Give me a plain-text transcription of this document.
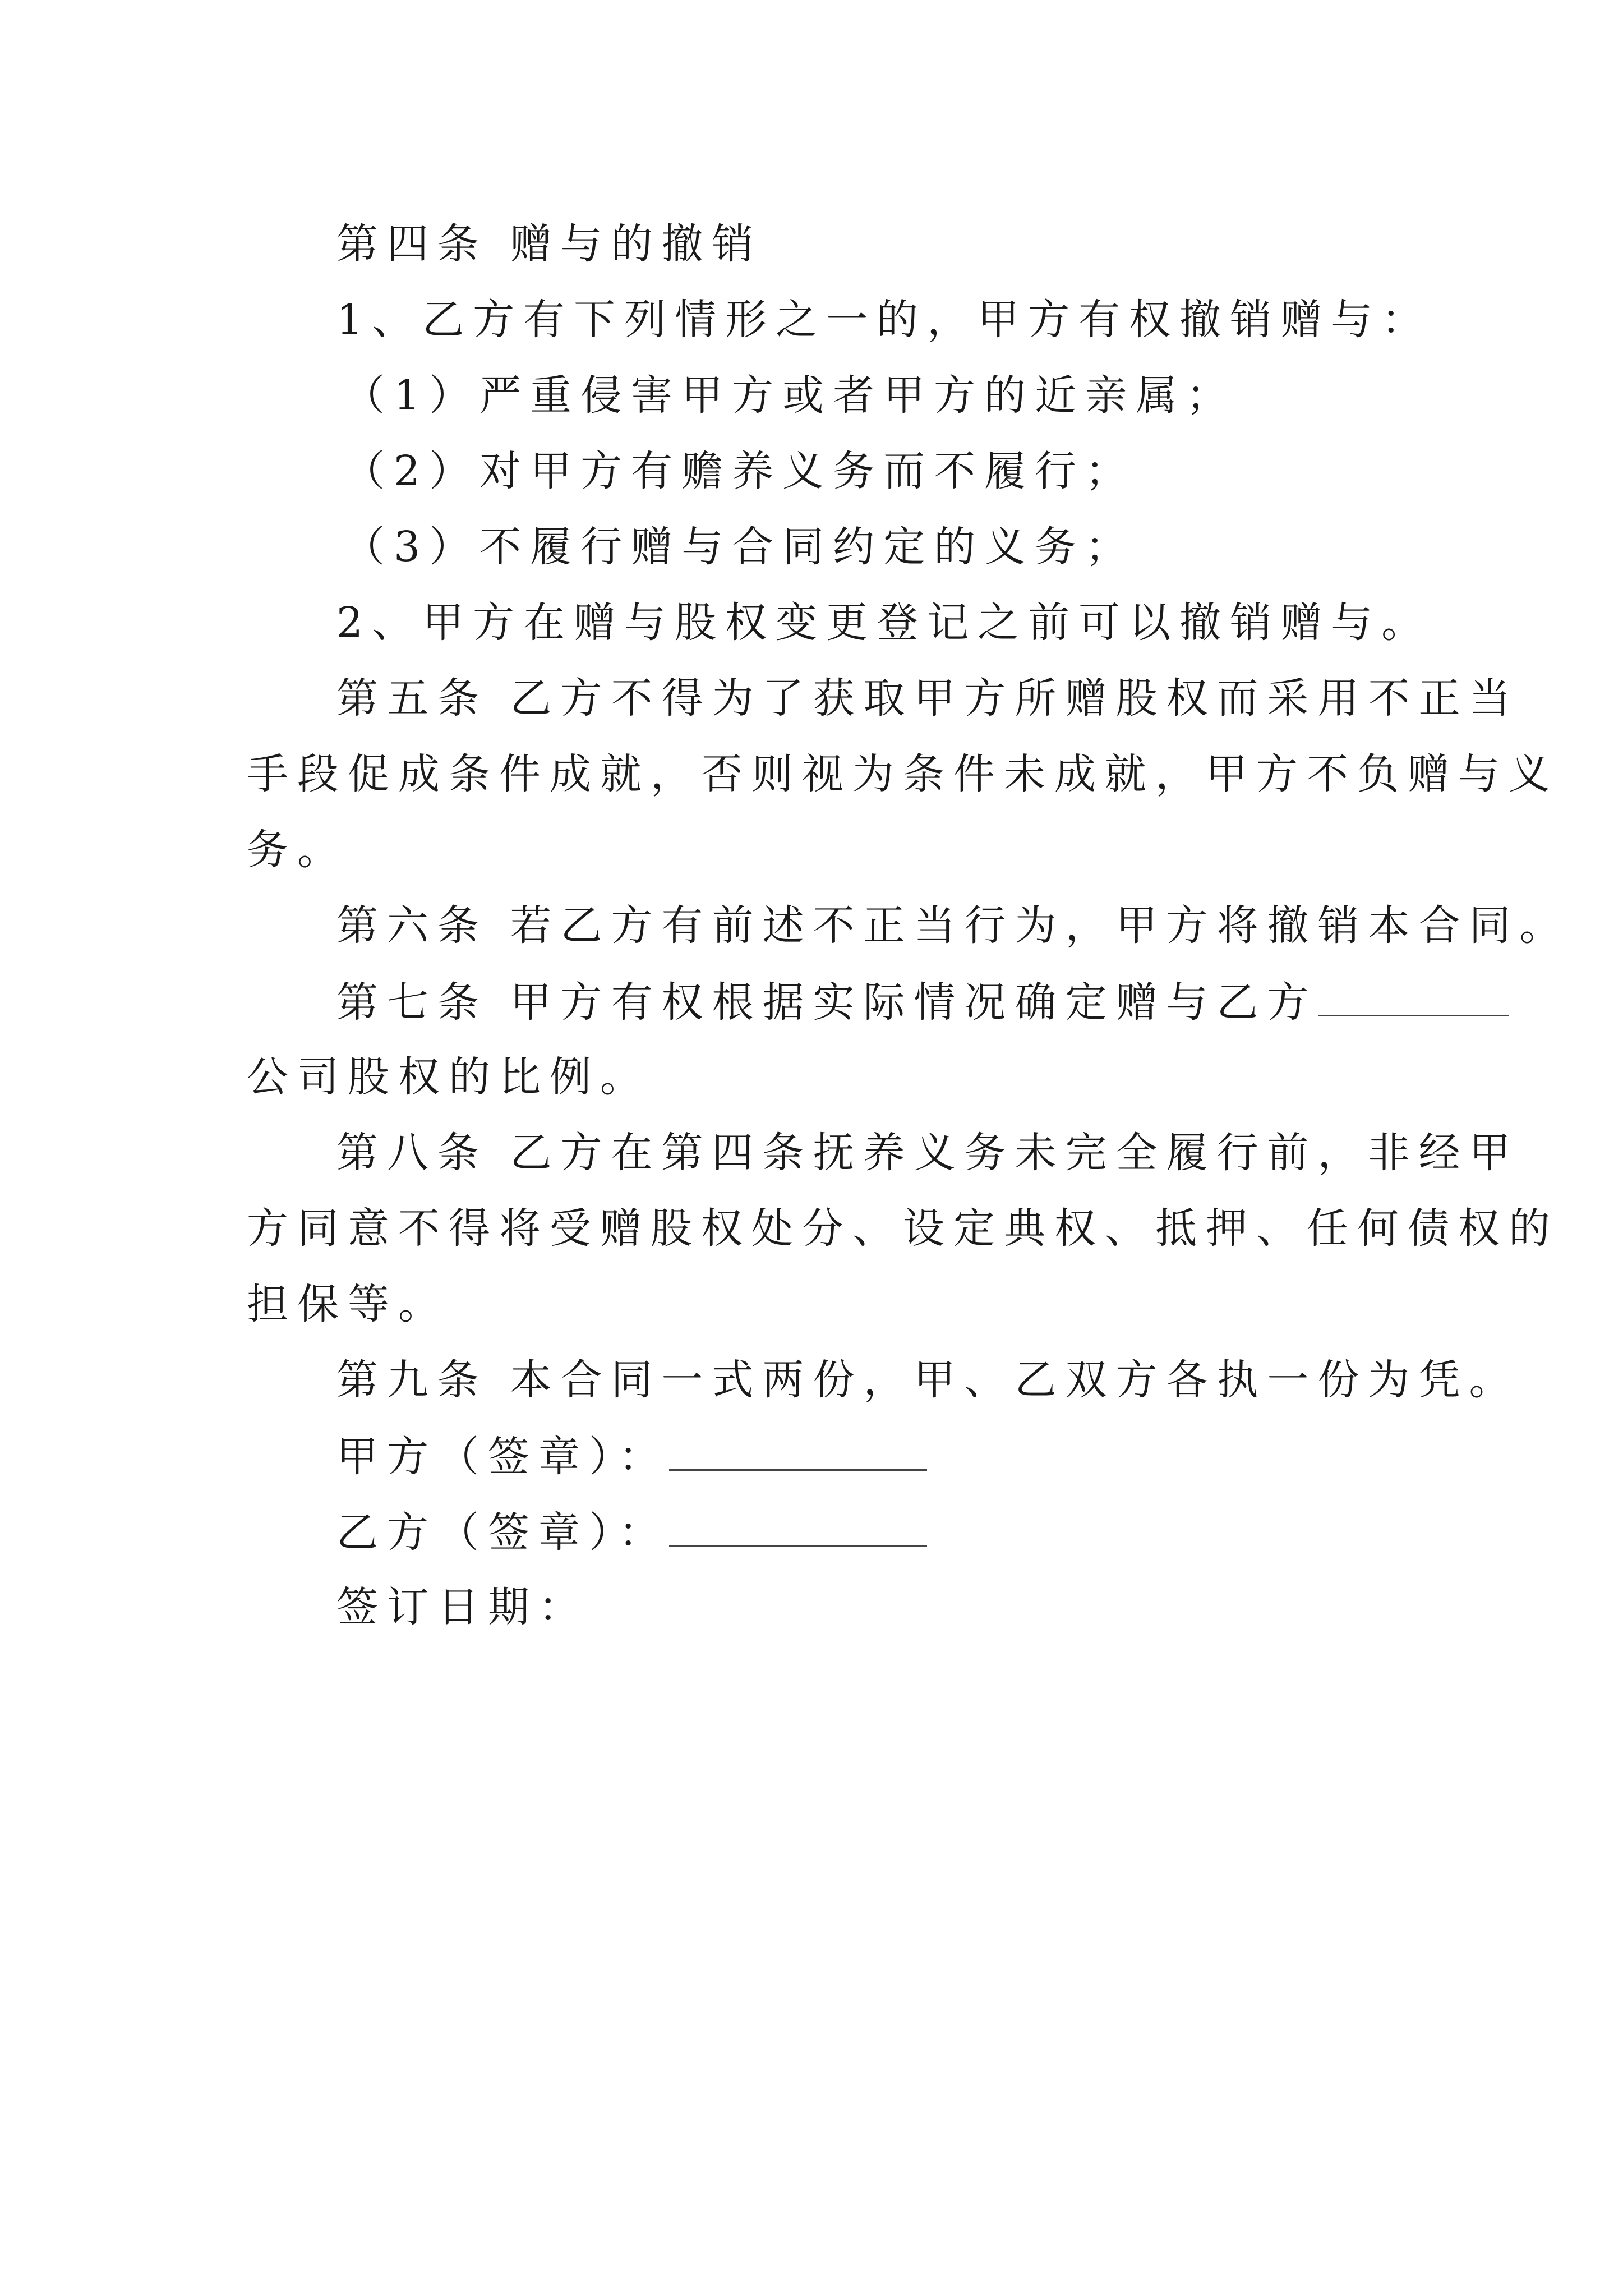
第四条 赠与的撤销
1、乙方有下列情形之一的，甲方有权撤销赠与：
（1）严重侵害甲方或者甲方的近亲属；
（2）对甲方有赡养义务而不履行；
（3）不履行赠与合同约定的义务；
2、甲方在赠与股权变更登记之前可以撤销赠与。
第五条 乙方不得为了获取甲方所赠股权而采用不正当
手段促成条件成就，否则视为条件未成就，甲方不负赠与义
务。
第六条 若乙方有前述不正当行为，甲方将撤销本合同。
第七条 甲方有权根据实际情况确定赠与乙方
公司股权的比例。
第八条 乙方在第四条抚养义务未完全履行前，非经甲
方同意不得将受赠股权处分、设定典权、抵押、任何债权的
担保等。
第九条 本合同一式两份，甲、乙双方各执一份为凭。
甲方（签章）：
乙方（签章）：
签订日期：
